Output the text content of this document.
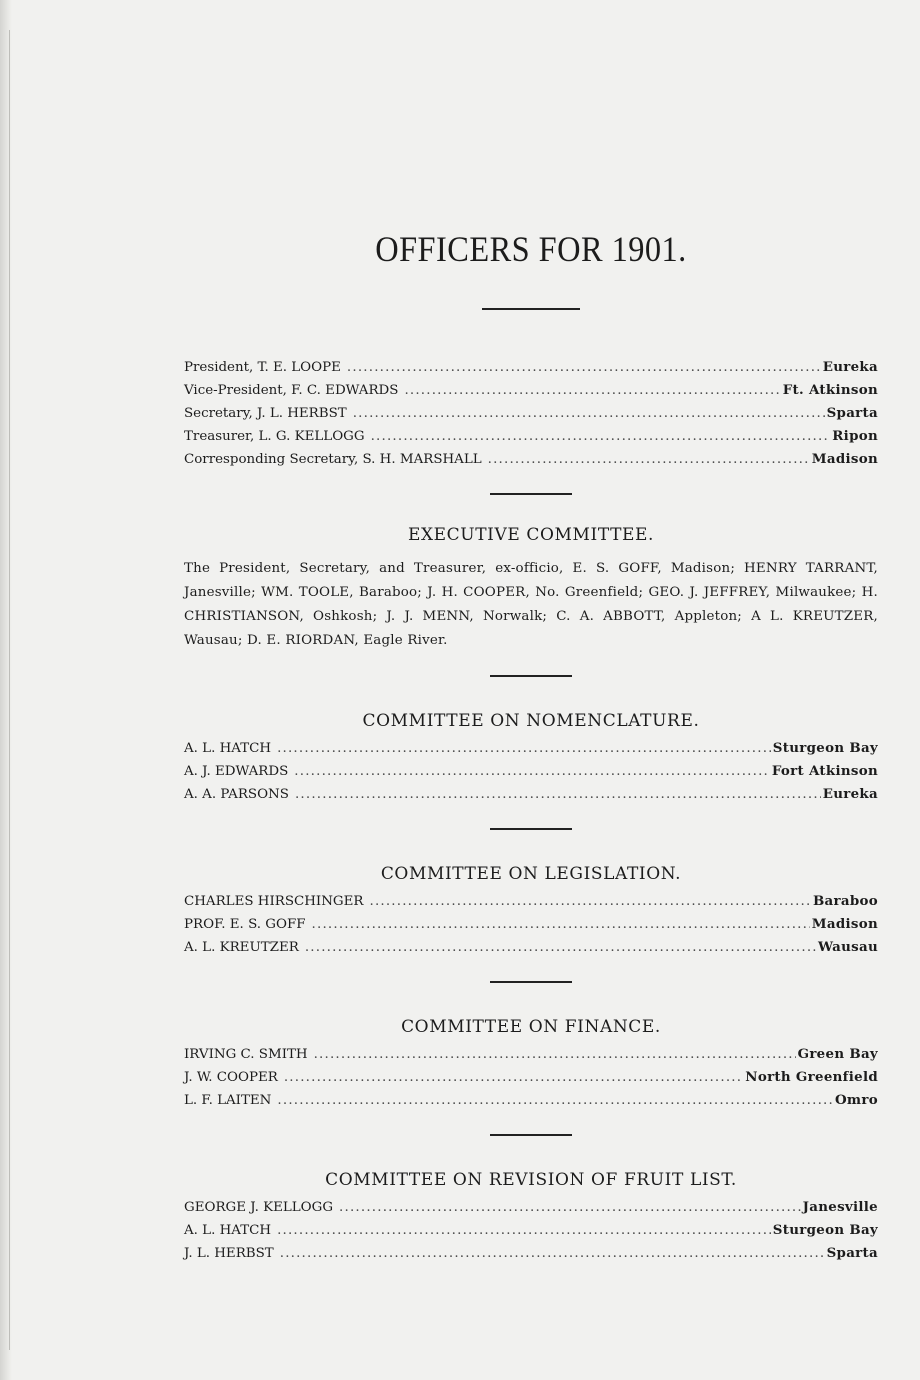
OFFICERS FOR 1901.
President, T. E. LOOPE .....	Eureka
Vice-President, F. C. EDWARDS .....	Ft. Atkinson
Secretary, J. L. HERBST .....	Sparta
Treasurer, L. G. KELLOGG .....	Ripon
Corresponding Secretary, S. H. MARSHALL .....	Madison
EXECUTIVE COMMITTEE.

The President, Secretary, and Treasurer, ex-officio, E. S. GOFF, Madison; HENRY TARRANT, Janesville; WM. TOOLE, Baraboo; J. H. COOPER, No. Greenfield; GEO. J. JEFFREY, Milwaukee; H. CHRISTIANSON, Oshkosh; J. J. MENN, Norwalk; C. A. ABBOTT, Appleton; A L. KREUTZER, Wausau; D. E. RIORDAN, Eagle River.

COMMITTEE ON NOMENCLATURE.
A. L. HATCH .....	Sturgeon Bay
A. J. EDWARDS .....	Fort Atkinson
A. A. PARSONS .....	Eureka
COMMITTEE ON LEGISLATION.
CHARLES HIRSCHINGER .....	Baraboo
PROF. E. S. GOFF .....	Madison
A. L. KREUTZER .....	Wausau
COMMITTEE ON FINANCE.
IRVING C. SMITH .....	Green Bay
J. W. COOPER .....	North Greenfield
L. F. LAITEN .....	Omro
COMMITTEE ON REVISION OF FRUIT LIST.
GEORGE J. KELLOGG .....	Janesville
A. L. HATCH .....	Sturgeon Bay
J. L. HERBST .....	Sparta
